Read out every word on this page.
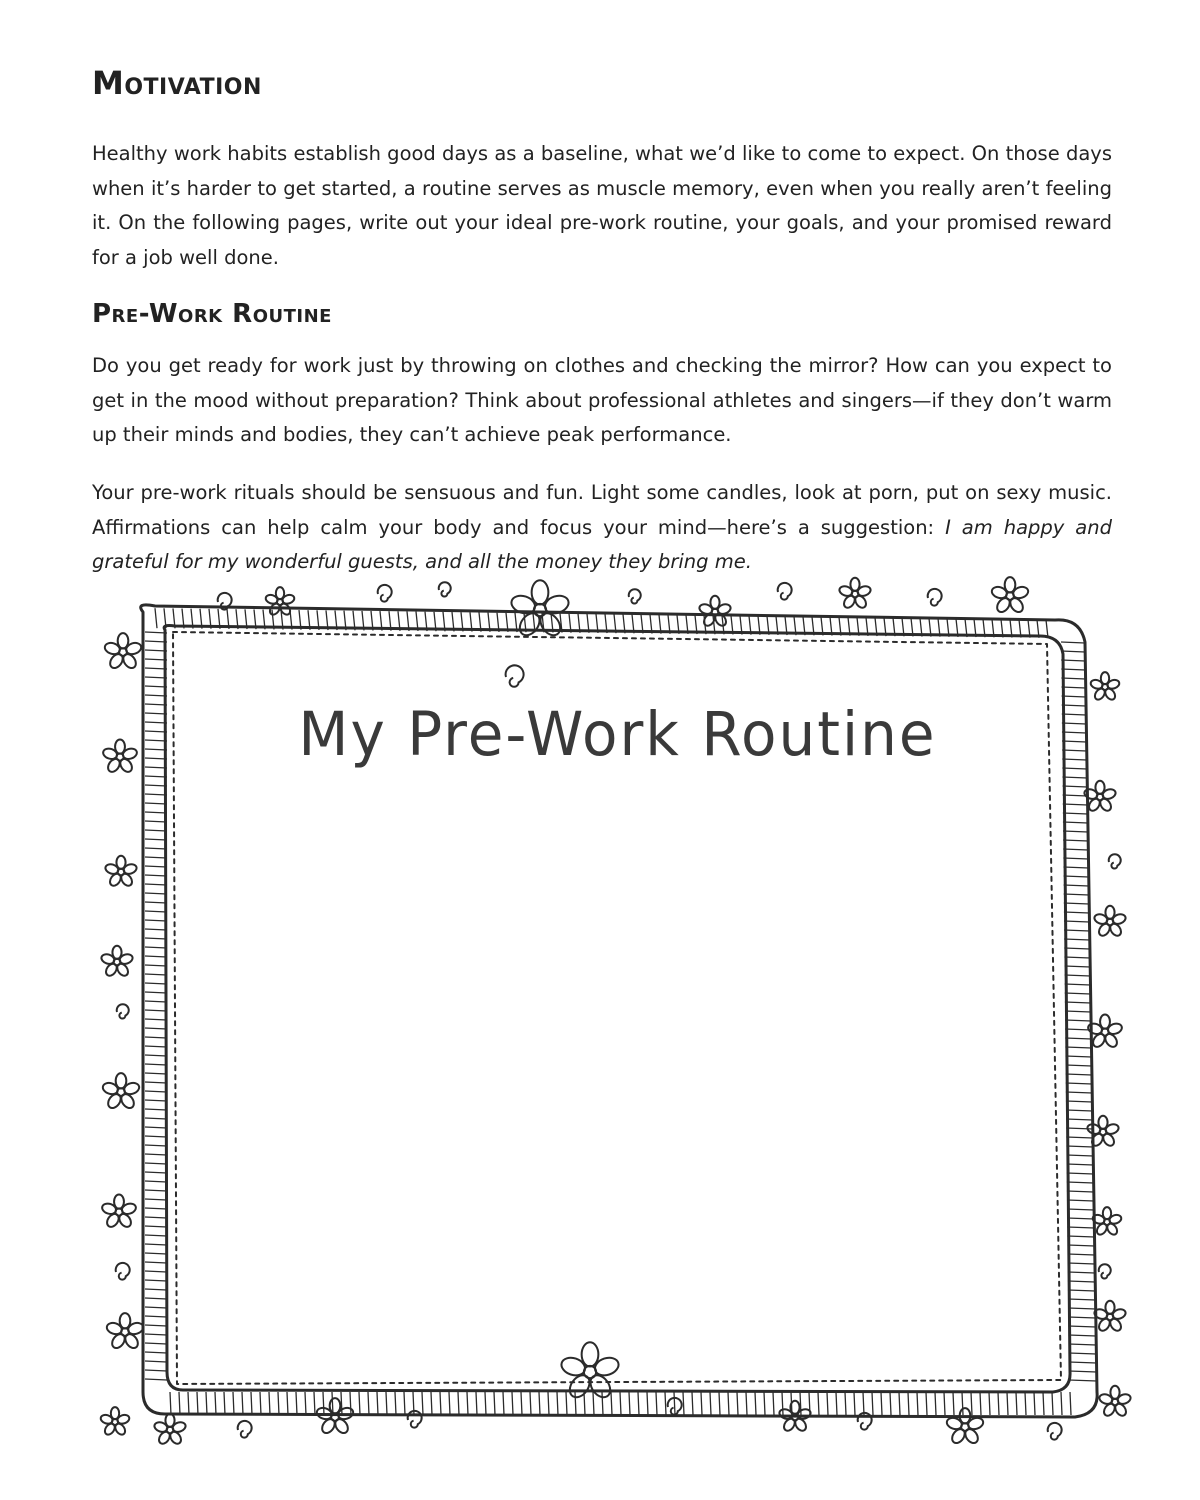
Motivation

Healthy work habits establish good days as a baseline, what we’d like to come to expect. On those days when it’s harder to get started, a routine serves as muscle memory, even when you really aren’t feeling it. On the following pages, write out your ideal pre-work routine, your goals, and your promised reward for a job well done.

Pre-Work Routine

Do you get ready for work just by throwing on clothes and checking the mirror? How can you expect to get in the mood without preparation? Think about professional athletes and singers—if they don’t warm up their minds and bodies, they can’t achieve peak performance.

Your pre-work rituals should be sensuous and fun. Light some candles, look at porn, put on sexy music. Affirmations can help calm your body and focus your mind—here’s a suggestion: I am happy and grateful for my wonderful guests, and all the money they bring me.

My Pre-Work Routine
